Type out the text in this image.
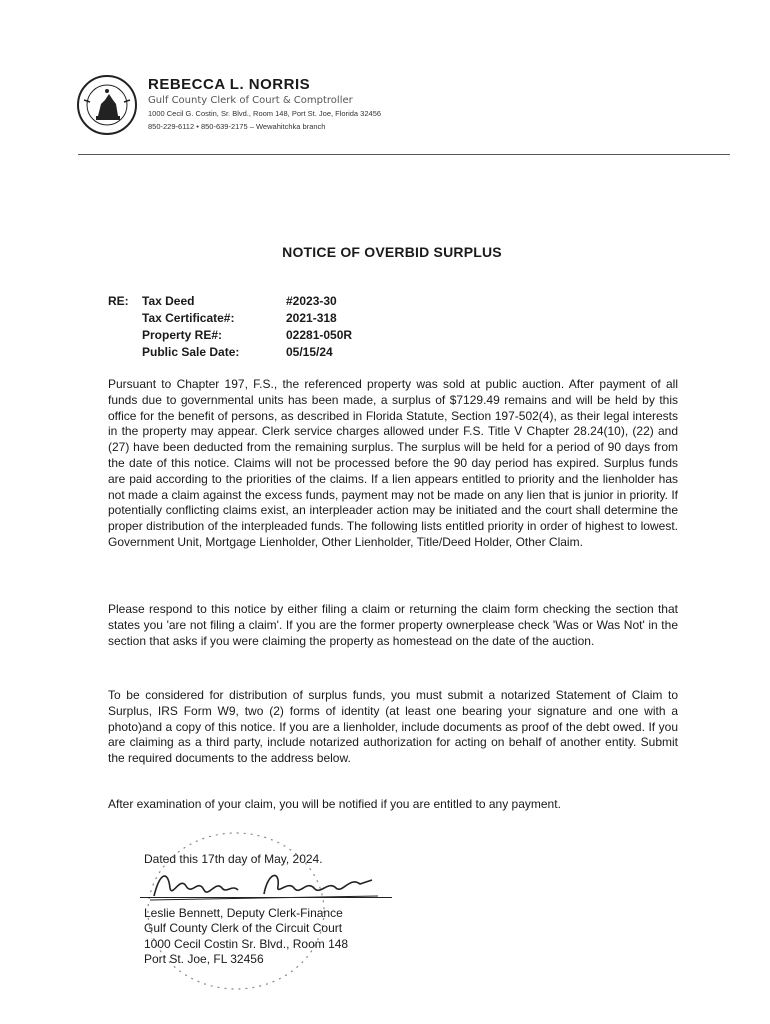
REBECCA L. NORRIS
Gulf County Clerk of Court & Comptroller
1000 Cecil G. Costin, Sr. Blvd., Room 148, Port St. Joe, Florida 32456
850-229-6112 • 850-639-2175 – Wewahitchka branch
NOTICE OF OVERBID SURPLUS
RE: Tax Deed	#2023-30
Tax Certificate#:	2021-318
Property RE#:	02281-050R
Public Sale Date:	05/15/24

Pursuant to Chapter 197, F.S., the referenced property was sold at public auction. After payment of all funds due to governmental units has been made, a surplus of $7129.49 remains and will be held by this office for the benefit of persons, as described in Florida Statute, Section 197-502(4), as their legal interests in the property may appear. Clerk service charges allowed under F.S. Title V Chapter 28.24(10), (22) and (27) have been deducted from the remaining surplus. The surplus will be held for a period of 90 days from the date of this notice. Claims will not be processed before the 90 day period has expired. Surplus funds are paid according to the priorities of the claims. If a lien appears entitled to priority and the lienholder has not made a claim against the excess funds, payment may not be made on any lien that is junior in priority. If potentially conflicting claims exist, an interpleader action may be initiated and the court shall determine the proper distribution of the interpleaded funds. The following lists entitled priority in order of highest to lowest. Government Unit, Mortgage Lienholder, Other Lienholder, Title/Deed Holder, Other Claim.

Please respond to this notice by either filing a claim or returning the claim form checking the section that states you 'are not filing a claim'. If you are the former property ownerplease check 'Was or Was Not' in the section that asks if you were claiming the property as homestead on the date of the auction.

To be considered for distribution of surplus funds, you must submit a notarized Statement of Claim to Surplus, IRS Form W9, two (2) forms of identity (at least one bearing your signature and one with a photo)and a copy of this notice. If you are a lienholder, include documents as proof of the debt owed. If you are claiming as a third party, include notarized authorization for acting on behalf of another entity. Submit the required documents to the address below.

After examination of your claim, you will be notified if you are entitled to any payment.

Dated this 17th day of May, 2024.
Leslie Bennett, Deputy Clerk-Finance
Gulf County Clerk of the Circuit Court
1000 Cecil Costin Sr. Blvd., Room 148
Port St. Joe, FL 32456
